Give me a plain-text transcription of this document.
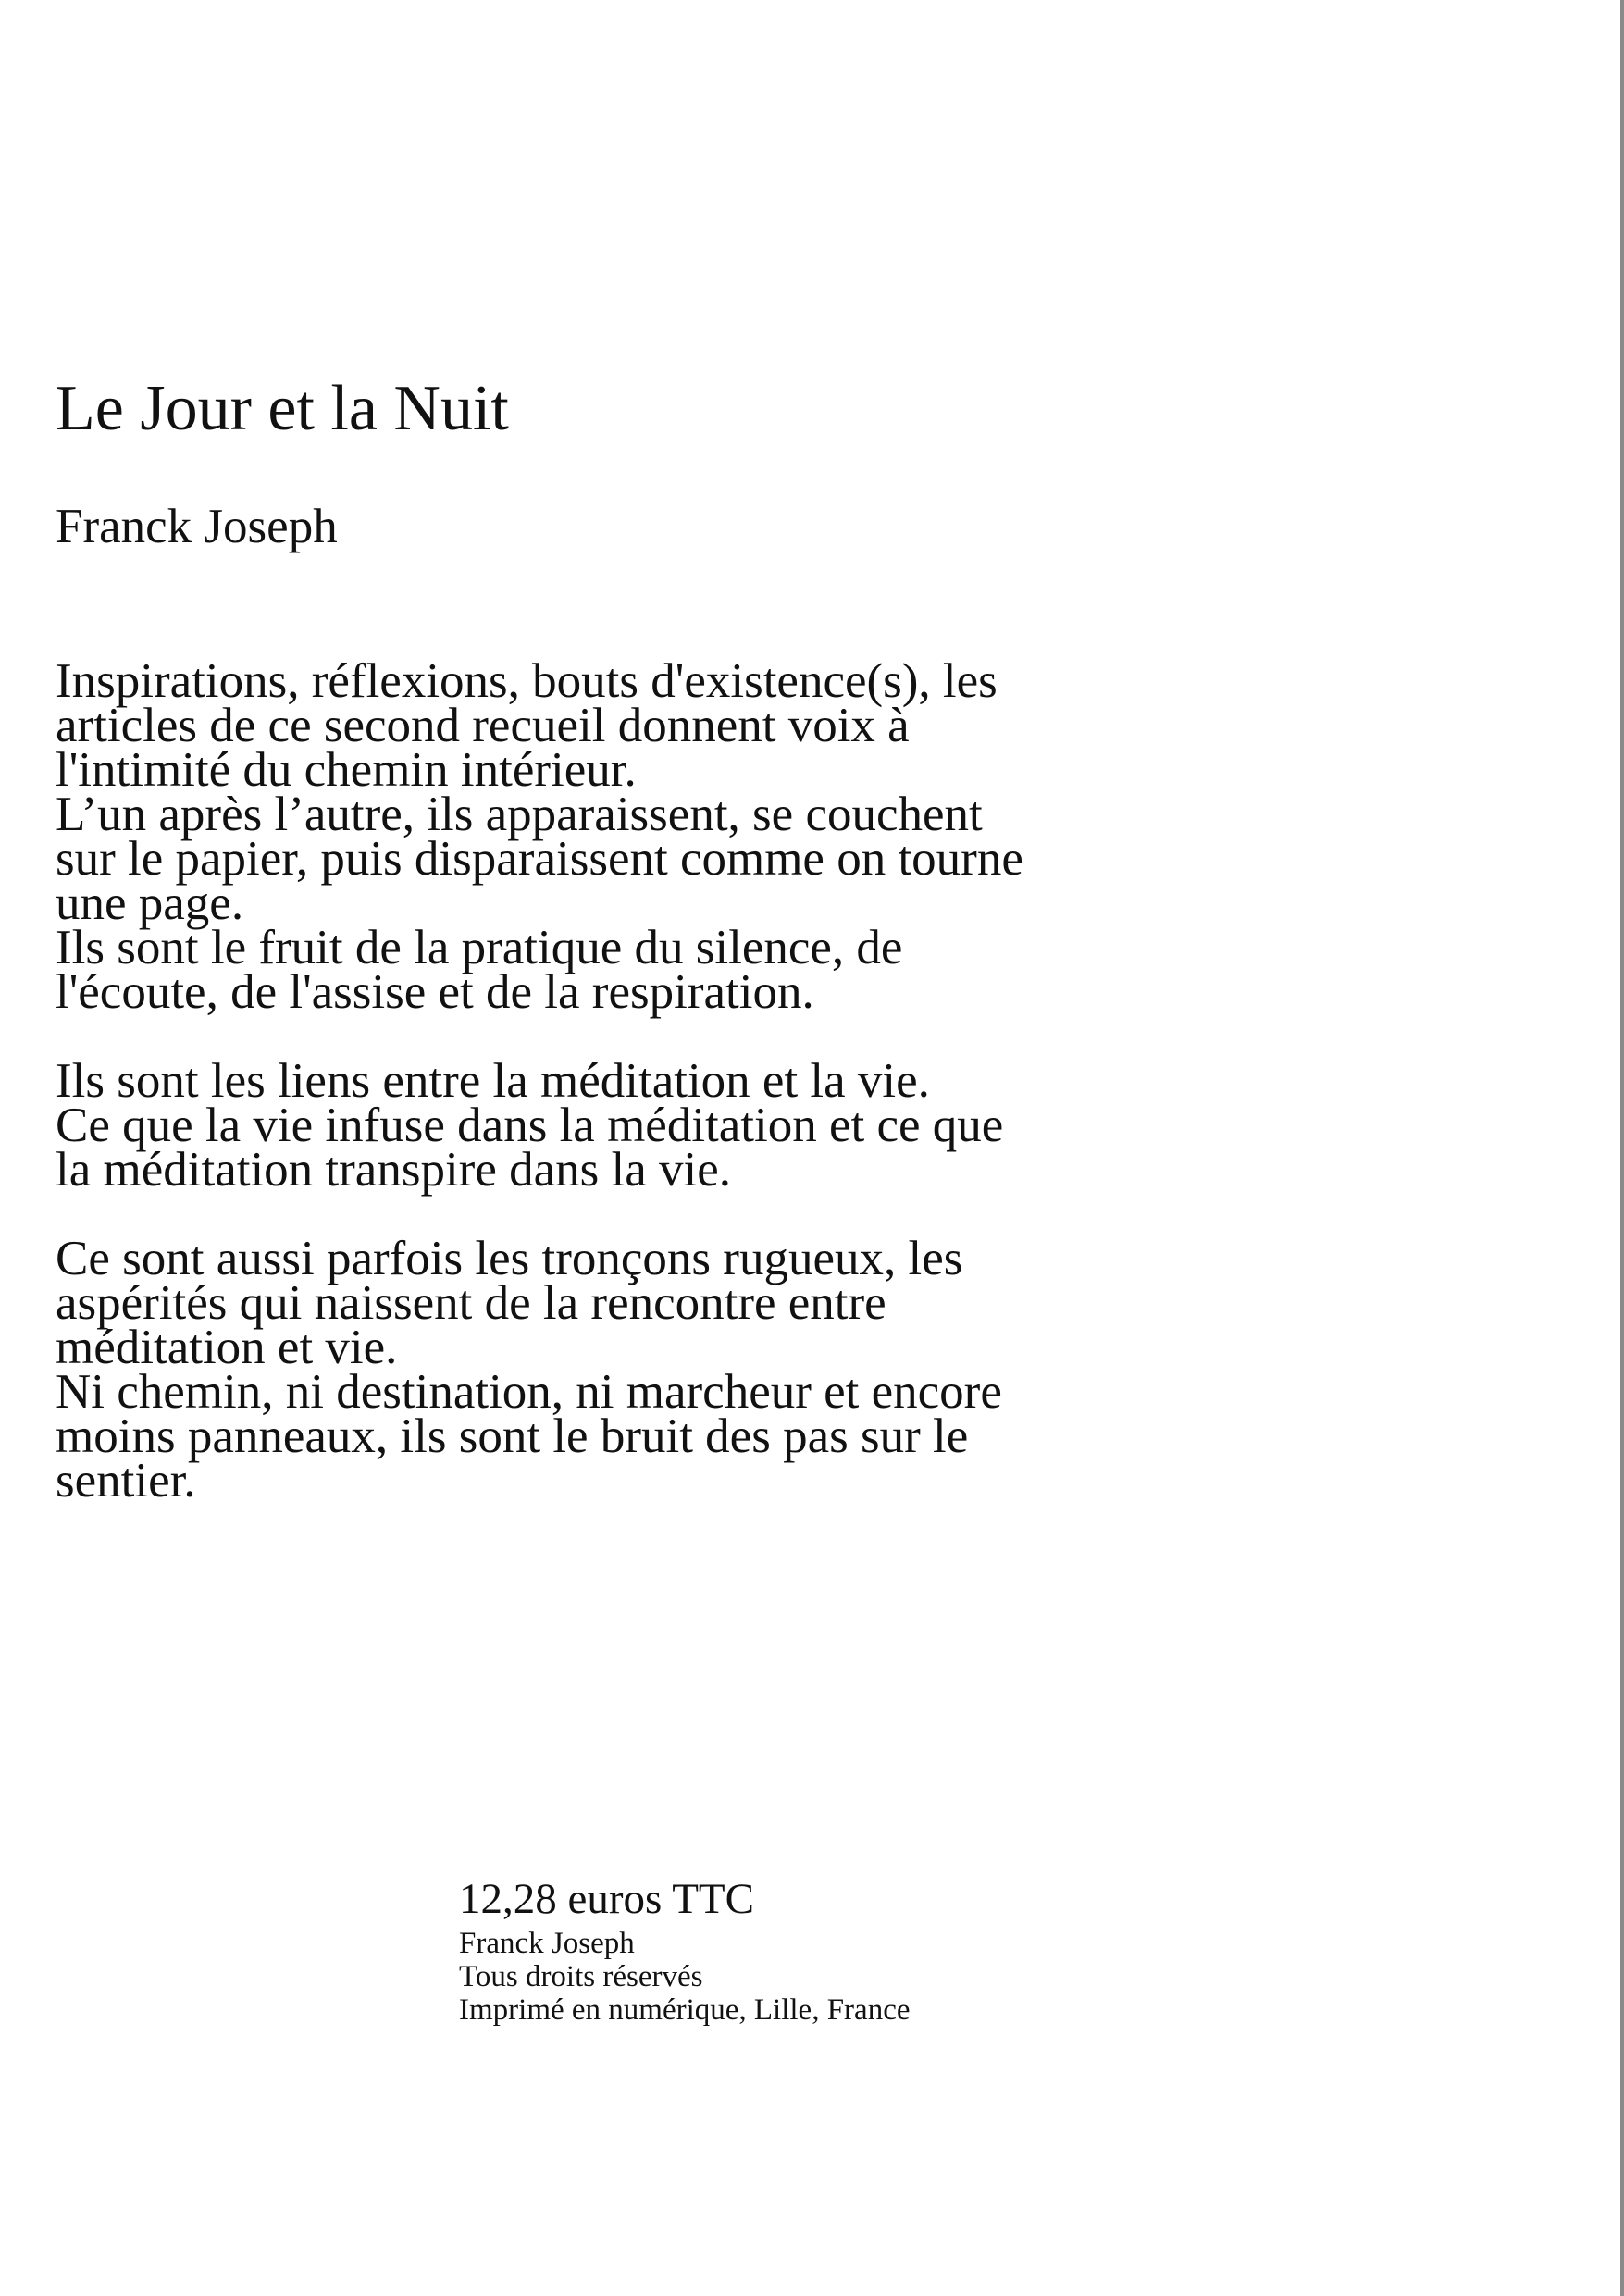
Le Jour et la Nuit

Franck Joseph

Inspirations, réflexions, bouts d'existence(s), les
articles de ce second recueil donnent voix à
l'intimité du chemin intérieur.
L’un après l’autre, ils apparaissent, se couchent
sur le papier, puis disparaissent comme on tourne
une page.
Ils sont le fruit de la pratique du silence, de
l'écoute, de l'assise et de la respiration.

Ils sont les liens entre la méditation et la vie.
Ce que la vie infuse dans la méditation et ce que
la méditation transpire dans la vie.

Ce sont aussi parfois les tronçons rugueux, les
aspérités qui naissent de la rencontre entre
méditation et vie.
Ni chemin, ni destination, ni marcheur et encore
moins panneaux, ils sont le bruit des pas sur le
sentier.

12,28 euros TTC
Franck Joseph
Tous droits réservés
Imprimé en numérique, Lille, France
